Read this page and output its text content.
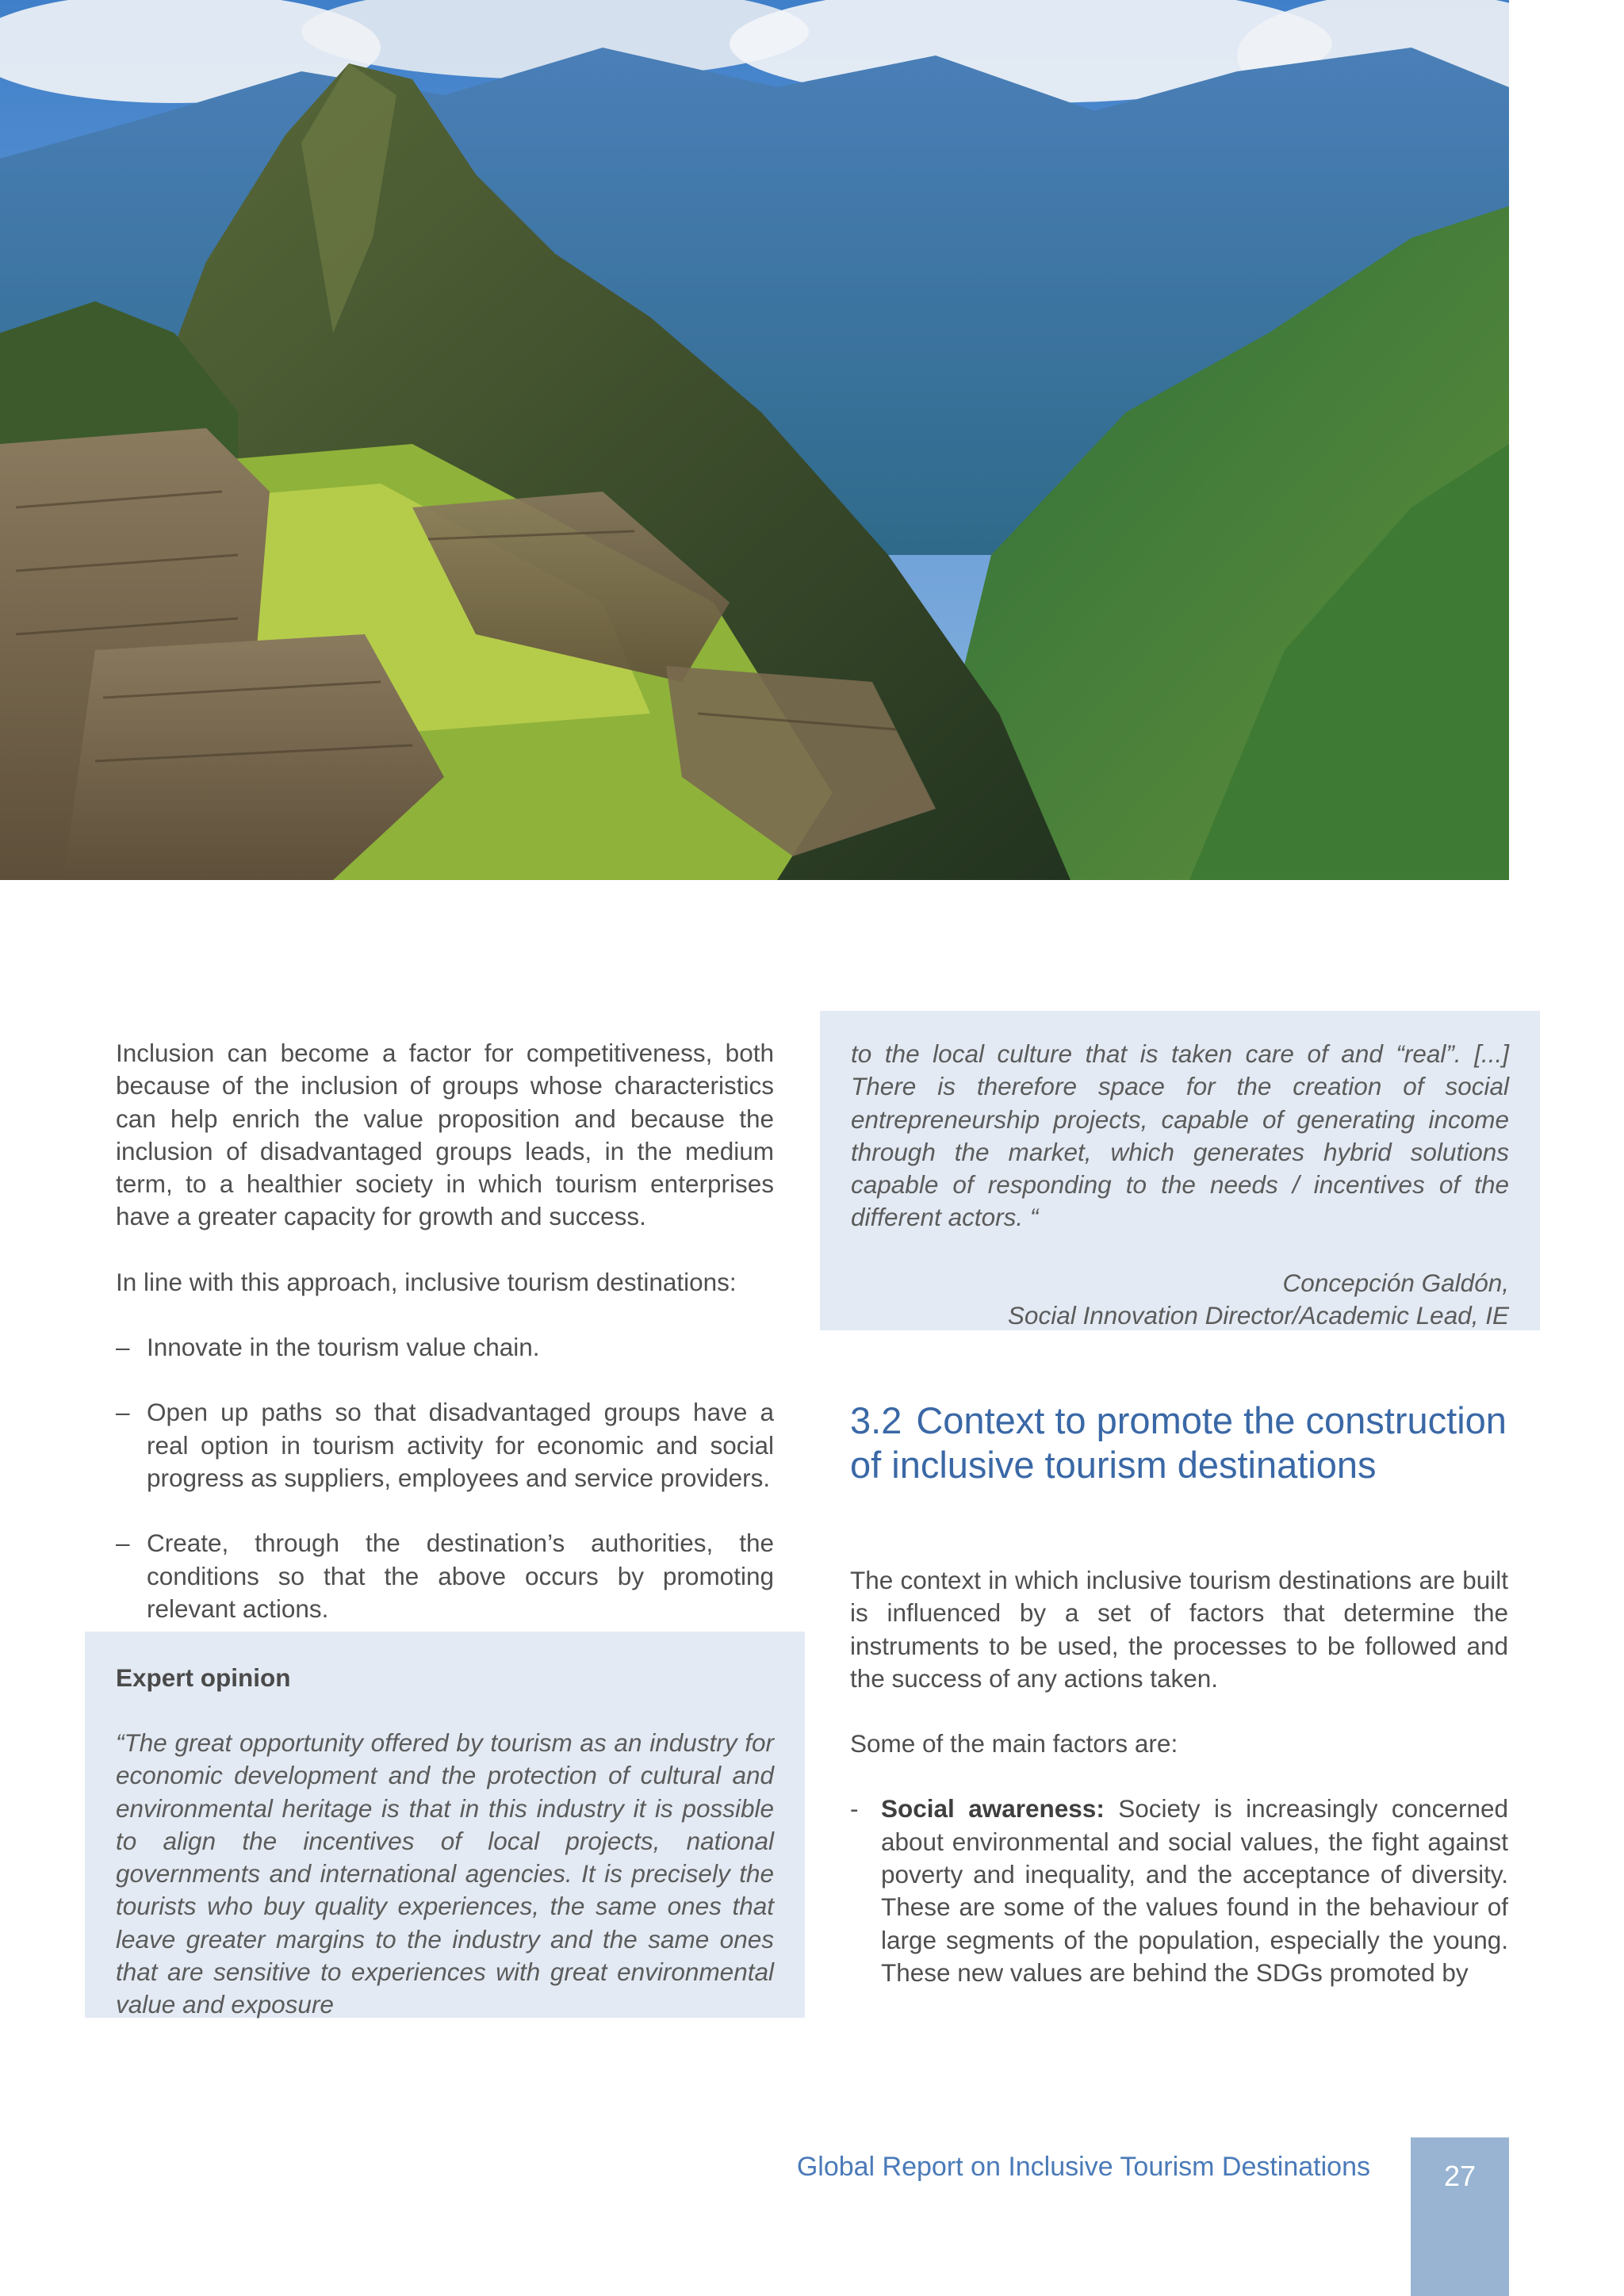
Inclusion can become a factor for competitiveness, both because of the inclusion of groups whose characteristics can help enrich the value proposition and because the inclusion of disadvantaged groups leads, in the medium term, to a healthier society in which tourism enterprises have a greater capacity for growth and success.

In line with this approach, inclusive tourism destinations:

– Innovate in the tourism value chain.
– Open up paths so that disadvantaged groups have a real option in tourism activity for economic and social progress as suppliers, employees and service providers.
– Create, through the destination’s authorities, the conditions so that the above occurs by promoting relevant actions.

Expert opinion

“The great opportunity offered by tourism as an industry for economic development and the protection of cultural and environmental heritage is that in this industry it is possible to align the incentives of local projects, national governments and international agencies. It is precisely the tourists who buy quality experiences, the same ones that leave greater margins to the industry and the same ones that are sensitive to experiences with great environmental value and exposure

to the local culture that is taken care of and “real”. [...] There is therefore space for the creation of social entrepreneurship projects, capable of generating income through the market, which generates hybrid solutions capable of responding to the needs / incentives of the different actors. “

Concepción Galdón,

Social Innovation Director/Academic Lead, IE

3.2 Context to promote the construction of inclusive tourism destinations

The context in which inclusive tourism destinations are built is influenced by a set of factors that determine the instruments to be used, the processes to be followed and the success of any actions taken.

Some of the main factors are:

- Social awareness: Society is increasingly concerned about environmental and social values, the fight against poverty and inequality, and the acceptance of diversity. These are some of the values found in the behaviour of large segments of the population, especially the young. These new values are behind the SDGs promoted by
Global Report on Inclusive Tourism Destinations	27
